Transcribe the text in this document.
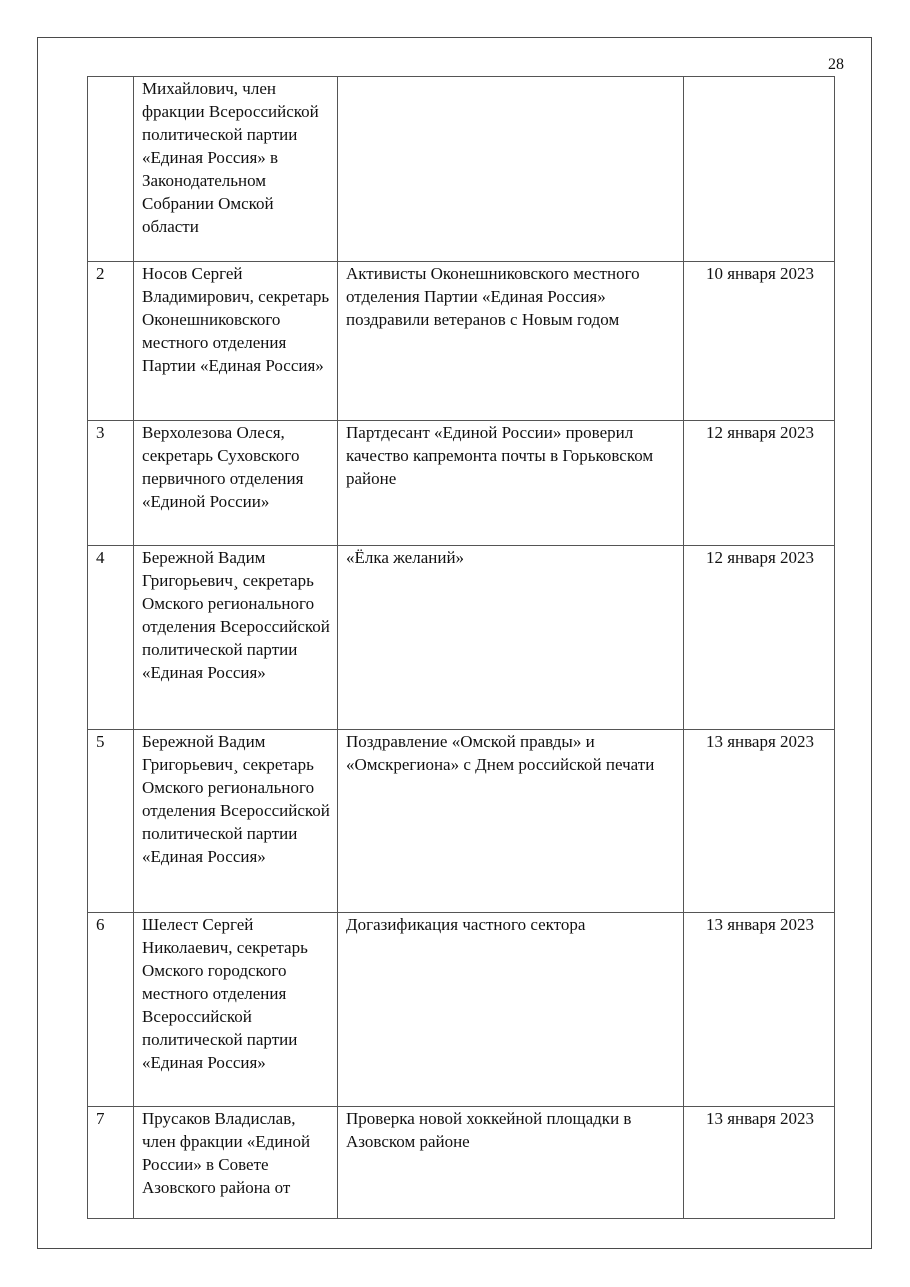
28
	Михайлович, член фракции Всероссийской политической партии «Единая Россия» в Законодательном Собрании Омской области		
2	Носов Сергей Владимирович, секретарь Оконешниковского местного отделения Партии «Единая Россия»	Активисты Оконешниковского местного отделения Партии «Единая Россия» поздравили ветеранов с Новым годом	10 января 2023
3	Верхолезова Олеся, секретарь Суховского первичного отделения «Единой России»	Партдесант «Единой России» проверил качество капремонта почты в Горьковском районе	12 января 2023
4	Бережной Вадим Григорьевич¸ секретарь Омского регионального отделения Всероссийской политической партии «Единая Россия»	«Ёлка желаний»	12 января 2023
5	Бережной Вадим Григорьевич¸ секретарь Омского регионального отделения Всероссийской политической партии «Единая Россия»	Поздравление «Омской правды» и «Омскрегиона» с Днем российской печати	13 января 2023
6	Шелест Сергей Николаевич, секретарь Омского городского местного отделения Всероссийской политической партии «Единая Россия»	Догазификация частного сектора	13 января 2023
7	Прусаков Владислав, член фракции «Единой России» в Совете Азовского района от	Проверка новой хоккейной площадки в Азовском районе	13 января 2023
